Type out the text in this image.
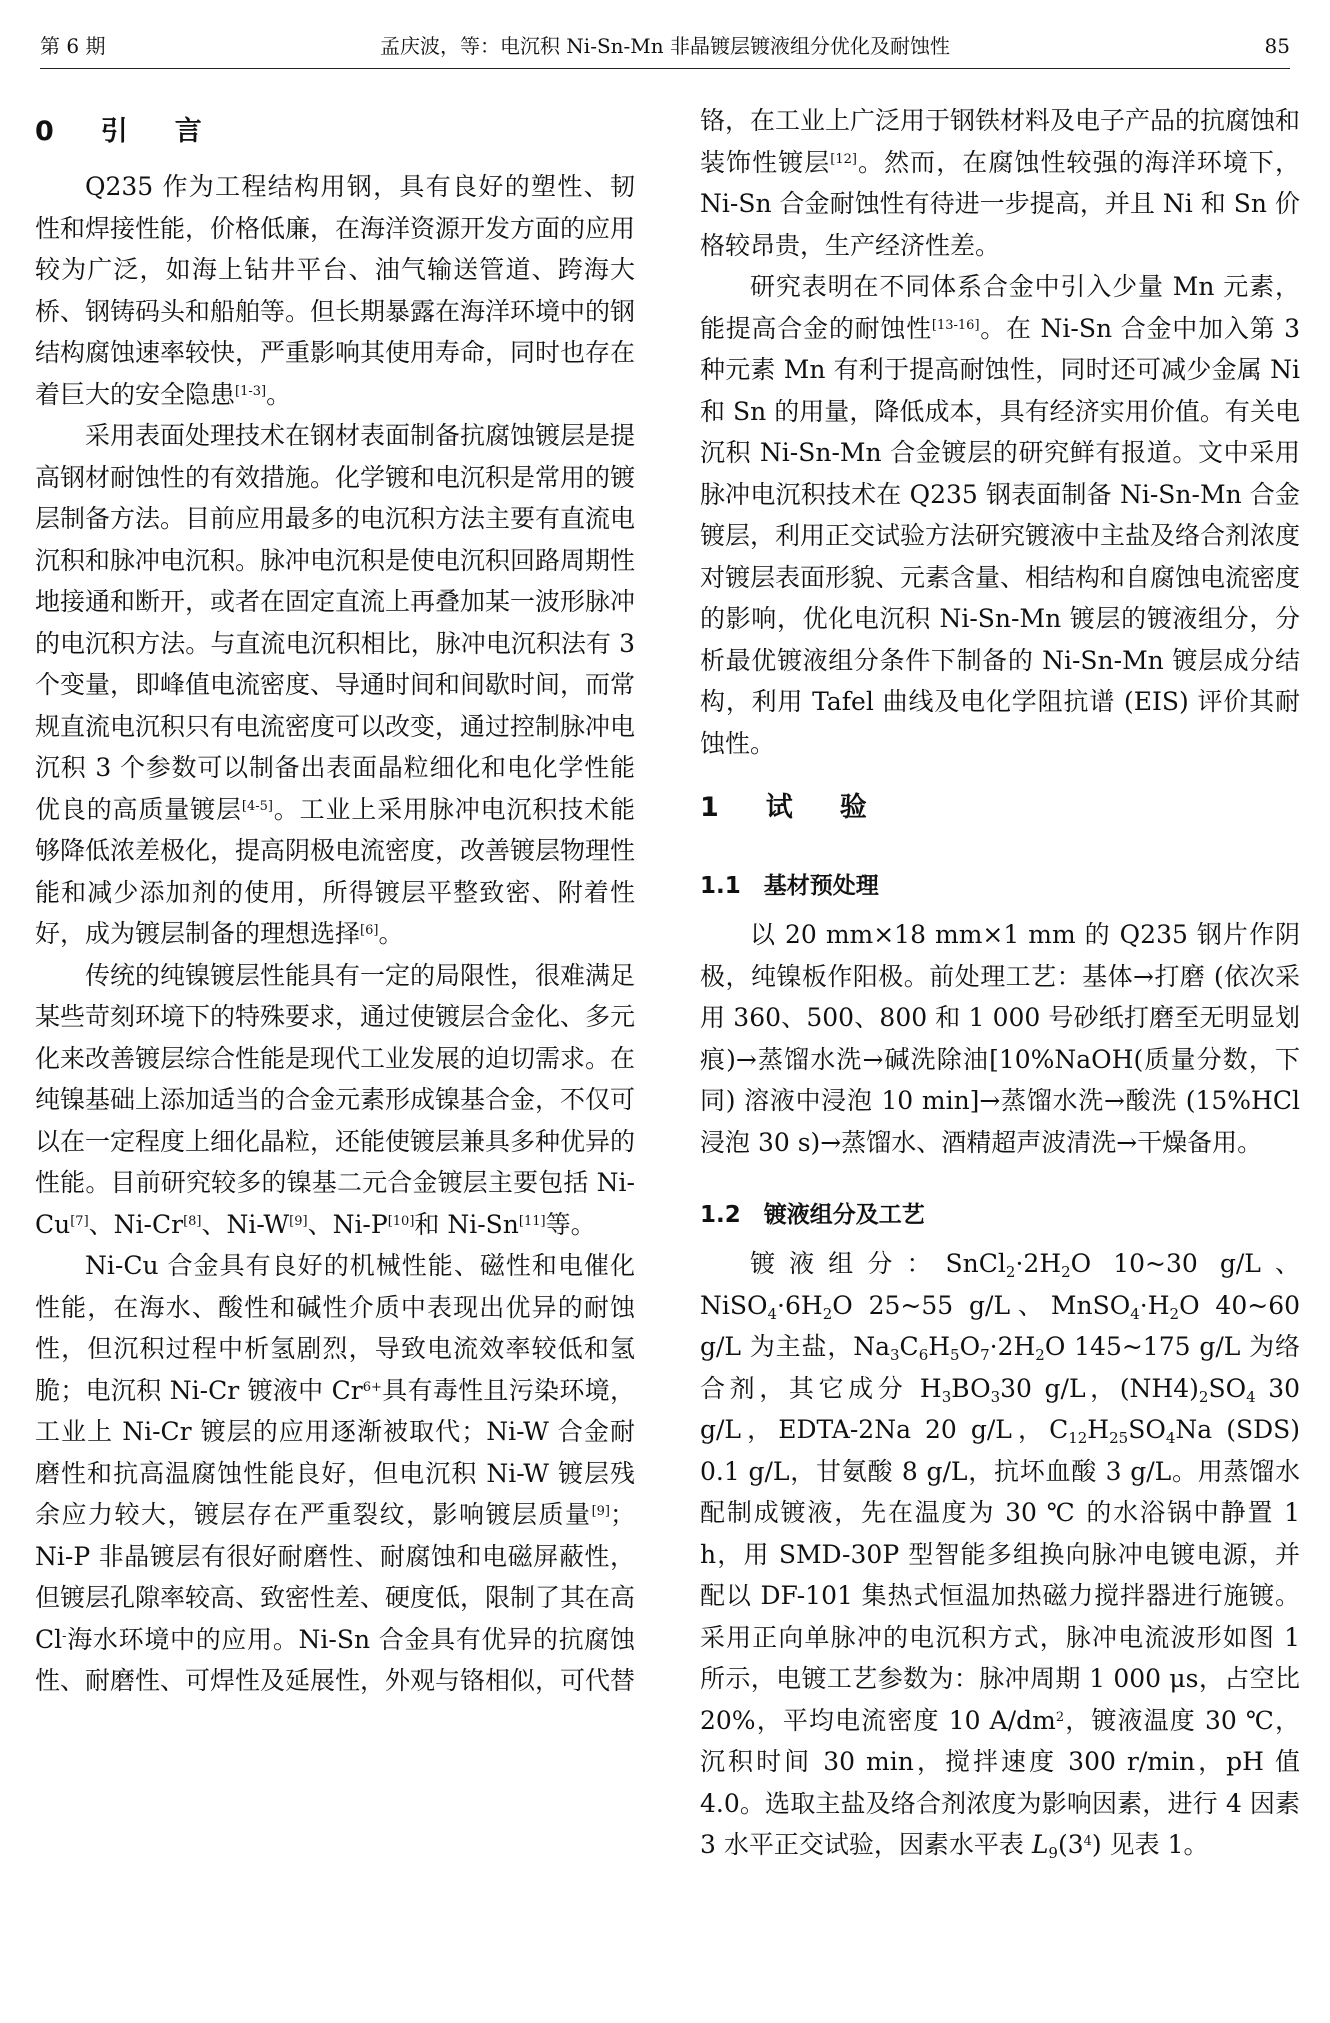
第 6 期	孟庆波，等：电沉积 Ni-Sn-Mn 非晶镀层镀液组分优化及耐蚀性	85
0　引　言

Q235 作为工程结构用钢，具有良好的塑性、韧性和焊接性能，价格低廉，在海洋资源开发方面的应用较为广泛，如海上钻井平台、油气输送管道、跨海大桥、钢铸码头和船舶等。但长期暴露在海洋环境中的钢结构腐蚀速率较快，严重影响其使用寿命，同时也存在着巨大的安全隐患[1-3]。

采用表面处理技术在钢材表面制备抗腐蚀镀层是提高钢材耐蚀性的有效措施。化学镀和电沉积是常用的镀层制备方法。目前应用最多的电沉积方法主要有直流电沉积和脉冲电沉积。脉冲电沉积是使电沉积回路周期性地接通和断开，或者在固定直流上再叠加某一波形脉冲的电沉积方法。与直流电沉积相比，脉冲电沉积法有 3 个变量，即峰值电流密度、导通时间和间歇时间，而常规直流电沉积只有电流密度可以改变，通过控制脉冲电沉积 3 个参数可以制备出表面晶粒细化和电化学性能优良的高质量镀层[4-5]。工业上采用脉冲电沉积技术能够降低浓差极化，提高阴极电流密度，改善镀层物理性能和减少添加剂的使用，所得镀层平整致密、附着性好，成为镀层制备的理想选择[6]。

传统的纯镍镀层性能具有一定的局限性，很难满足某些苛刻环境下的特殊要求，通过使镀层合金化、多元化来改善镀层综合性能是现代工业发展的迫切需求。在纯镍基础上添加适当的合金元素形成镍基合金，不仅可以在一定程度上细化晶粒，还能使镀层兼具多种优异的性能。目前研究较多的镍基二元合金镀层主要包括 Ni-Cu[7]、Ni-Cr[8]、Ni-W[9]、Ni-P[10]和 Ni-Sn[11]等。

Ni-Cu 合金具有良好的机械性能、磁性和电催化性能，在海水、酸性和碱性介质中表现出优异的耐蚀性，但沉积过程中析氢剧烈，导致电流效率较低和氢脆；电沉积 Ni-Cr 镀液中 $Cr^{6+}$具有毒性且污染环境，工业上 Ni-Cr 镀层的应用逐渐被取代；Ni-W 合金耐磨性和抗高温腐蚀性能良好，但电沉积 Ni-W 镀层残余应力较大，镀层存在严重裂纹，影响镀层质量[9]；Ni-P 非晶镀层有很好耐磨性、耐腐蚀和电磁屏蔽性，但镀层孔隙率较高、致密性差、硬度低，限制了其在高 Cl-海水环境中的应用。Ni-Sn 合金具有优异的抗腐蚀性、耐磨性、可焊性及延展性，外观与铬相似，可代替

铬，在工业上广泛用于钢铁材料及电子产品的抗腐蚀和装饰性镀层[12]。然而，在腐蚀性较强的海洋环境下，Ni-Sn 合金耐蚀性有待进一步提高，并且 Ni 和 Sn 价格较昂贵，生产经济性差。

研究表明在不同体系合金中引入少量 Mn 元素，能提高合金的耐蚀性[13-16]。在 Ni-Sn 合金中加入第 3 种元素 Mn 有利于提高耐蚀性，同时还可减少金属 Ni 和 Sn 的用量，降低成本，具有经济实用价值。有关电沉积 Ni-Sn-Mn 合金镀层的研究鲜有报道。文中采用脉冲电沉积技术在 Q235 钢表面制备 Ni-Sn-Mn 合金镀层，利用正交试验方法研究镀液中主盐及络合剂浓度对镀层表面形貌、元素含量、相结构和自腐蚀电流密度的影响，优化电沉积 Ni-Sn-Mn 镀层的镀液组分，分析最优镀液组分条件下制备的 Ni-Sn-Mn 镀层成分结构，利用 Tafel 曲线及电化学阻抗谱 (EIS) 评价其耐蚀性。

1　试　验
1.1　基材预处理

以 20 mm×18 mm×1 mm 的 Q235 钢片作阴极，纯镍板作阳极。前处理工艺：基体→打磨 (依次采用 360、500、800 和 1 000 号砂纸打磨至无明显划痕)→蒸馏水洗→碱洗除油[10%NaOH(质量分数，下同) 溶液中浸泡 10 min]→蒸馏水洗→酸洗 (15%HCl 浸泡 30 s)→蒸馏水、酒精超声波清洗→干燥备用。

1.2　镀液组分及工艺

镀液组分：$SnCl_2\cdot 2H_2O$ 10~30 g/L、$NiSO_4\cdot 6H_2O$ 25~55 g/L、$MnSO_4\cdot H_2O$ 40~60 g/L 为主盐，$Na_3C_6H_5O_7\cdot 2H_2O$ 145~175 g/L 为络合剂，其它成分 $H_3BO_330$ g/L，$(NH4)_2SO_4$ 30 g/L，EDTA-2Na 20 g/L，$C_{12}H_{25}SO_4Na$ (SDS) 0.1 g/L，甘氨酸 8 g/L，抗坏血酸 3 g/L。用蒸馏水配制成镀液，先在温度为 30 ℃ 的水浴锅中静置 1 h，用 SMD-30P 型智能多组换向脉冲电镀电源，并配以 DF-101 集热式恒温加热磁力搅拌器进行施镀。采用正向单脉冲的电沉积方式，脉冲电流波形如图 1 所示，电镀工艺参数为：脉冲周期 1 000 μs，占空比 20%，平均电流密度 10 $A/dm^2$，镀液温度 30 ℃，沉积时间 30 min，搅拌速度 300 r/min，pH 值 4.0。选取主盐及络合剂浓度为影响因素，进行 4 因素 3 水平正交试验，因素水平表 $L_9(3^4)$ 见表 1。
